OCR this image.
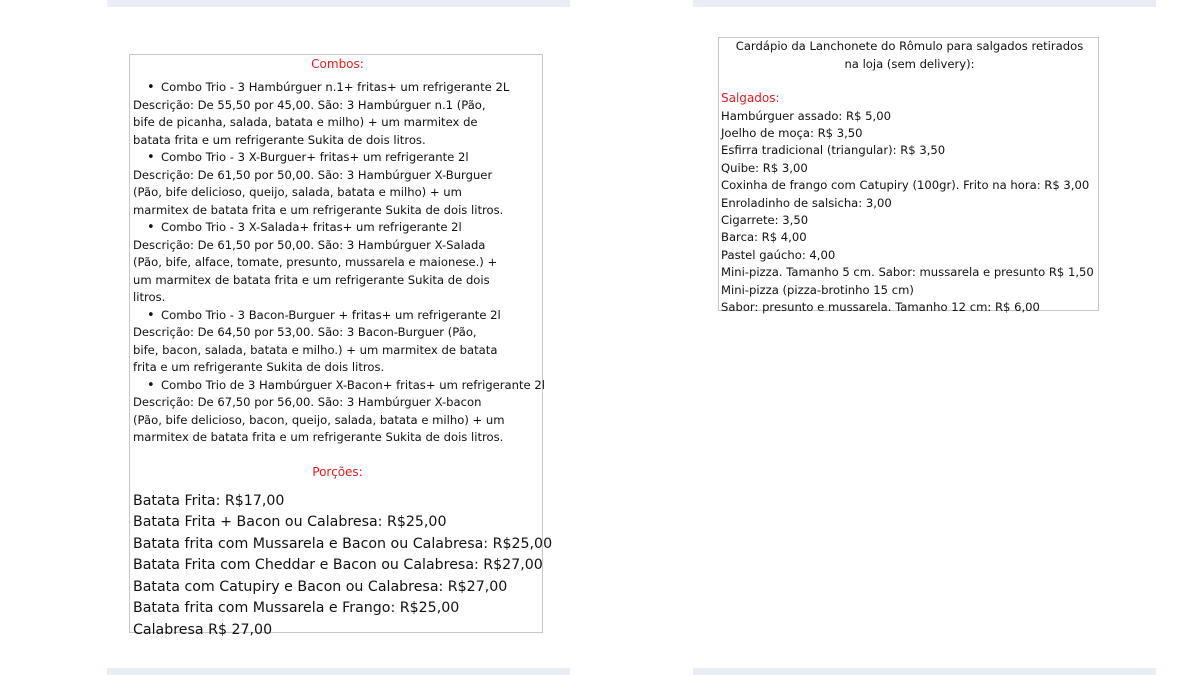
Combos:
• Combo Trio - 3 Hambúrguer n.1+ fritas+ um refrigerante 2L
Descrição: De 55,50 por 45,00. São: 3 Hambúrguer n.1 (Pão,
bife de picanha, salada, batata e milho) + um marmitex de
batata frita e um refrigerante Sukita de dois litros.
• Combo Trio - 3 X-Burguer+ fritas+ um refrigerante 2l
Descrição: De 61,50 por 50,00. São: 3 Hambúrguer X-Burguer
(Pão, bife delicioso, queijo, salada, batata e milho) + um
marmitex de batata frita e um refrigerante Sukita de dois litros.
• Combo Trio - 3 X-Salada+ fritas+ um refrigerante 2l
Descrição: De 61,50 por 50,00. São: 3 Hambúrguer X-Salada
(Pão, bife, alface, tomate, presunto, mussarela e maionese.) +
um marmitex de batata frita e um refrigerante Sukita de dois
litros.
• Combo Trio - 3 Bacon-Burguer + fritas+ um refrigerante 2l
Descrição: De 64,50 por 53,00. São: 3 Bacon-Burguer (Pão,
bife, bacon, salada, batata e milho.) + um marmitex de batata
frita e um refrigerante Sukita de dois litros.
• Combo Trio de 3 Hambúrguer X-Bacon+ fritas+ um refrigerante 2l
Descrição: De 67,50 por 56,00. São: 3 Hambúrguer X-bacon
(Pão, bife delicioso, bacon, queijo, salada, batata e milho) + um
marmitex de batata frita e um refrigerante Sukita de dois litros.
Porções:
Batata Frita: R$17,00
Batata Frita + Bacon ou Calabresa: R$25,00
Batata frita com Mussarela e Bacon ou Calabresa: R$25,00
Batata Frita com Cheddar e Bacon ou Calabresa: R$27,00
Batata com Catupiry e Bacon ou Calabresa: R$27,00
Batata frita com Mussarela e Frango: R$25,00
Calabresa R$ 27,00
Cardápio da Lanchonete do Rômulo para salgados retirados
na loja (sem delivery):
Salgados:
Hambúrguer assado: R$ 5,00
Joelho de moça: R$ 3,50
Esfirra tradicional (triangular): R$ 3,50
Quibe: R$ 3,00
Coxinha de frango com Catupiry (100gr). Frito na hora: R$ 3,00
Enroladinho de salsicha: 3,00
Cigarrete: 3,50
Barca: R$ 4,00
Pastel gaúcho: 4,00
Mini-pizza. Tamanho 5 cm. Sabor: mussarela e presunto R$ 1,50
Mini-pizza (pizza-brotinho 15 cm)
Sabor: presunto e mussarela. Tamanho 12 cm: R$ 6,00
